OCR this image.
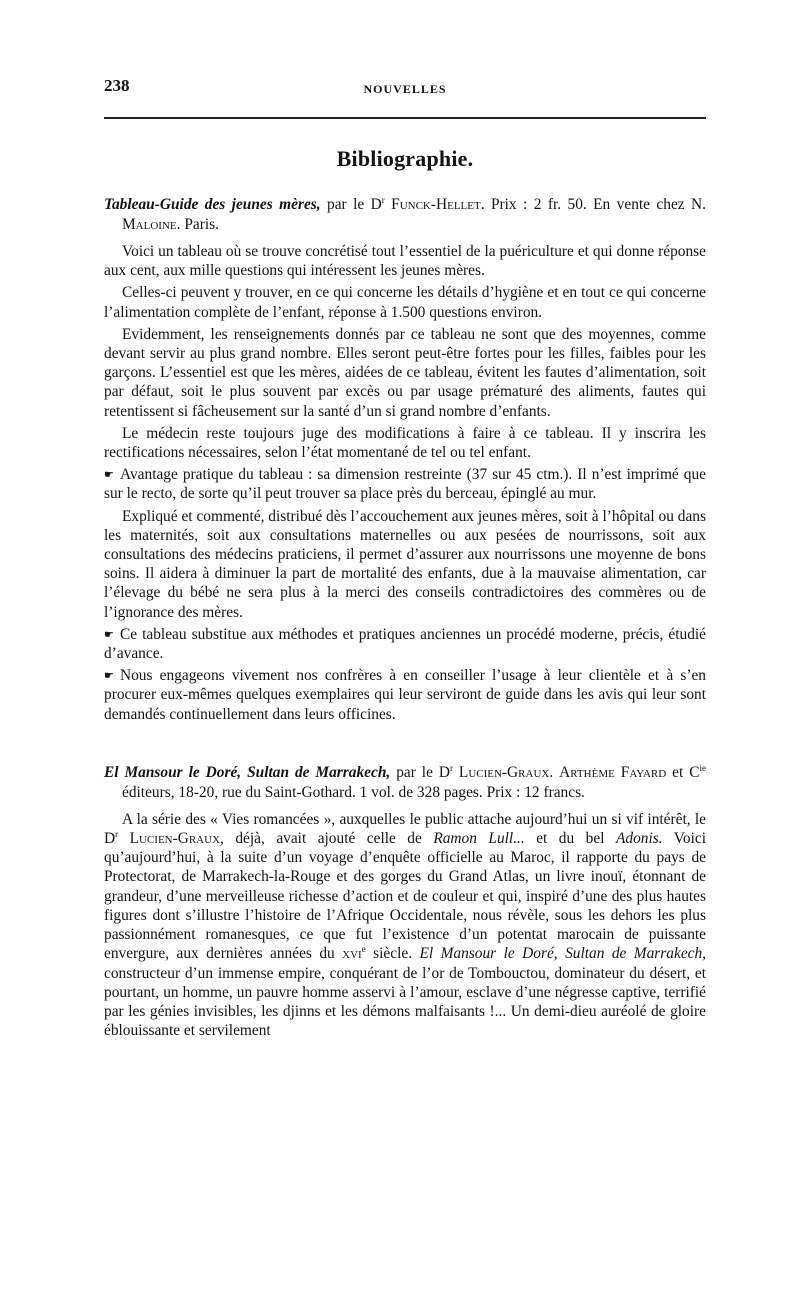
238	NOUVELLES
Bibliographie.
Tableau-Guide des jeunes mères, par le $D^r$ Funck-Hellet. Prix : 2 fr. 50. En vente chez N. Maloine. Paris.

Voici un tableau où se trouve concrétisé tout l’essentiel de la puériculture et qui donne réponse aux cent, aux mille questions qui intéressent les jeunes mères.

Celles-ci peuvent y trouver, en ce qui concerne les détails d’hygiène et en tout ce qui concerne l’alimentation complète de l’enfant, réponse à 1.500 questions environ.

Evidemment, les renseignements donnés par ce tableau ne sont que des moyennes, comme devant servir au plus grand nombre. Elles seront peut-être fortes pour les filles, faibles pour les garçons. L’essentiel est que les mères, aidées de ce tableau, évitent les fautes d’alimentation, soit par défaut, soit le plus souvent par excès ou par usage prématuré des aliments, fautes qui retentissent si fâcheusement sur la santé d’un si grand nombre d’enfants.

Le médecin reste toujours juge des modifications à faire à ce tableau. Il y inscrira les rectifications nécessaires, selon l’état momentané de tel ou tel enfant.

☛ Avantage pratique du tableau : sa dimension restreinte (37 sur 45 ctm.). Il n’est imprimé que sur le recto, de sorte qu’il peut trouver sa place près du berceau, épinglé au mur.

Expliqué et commenté, distribué dès l’accouchement aux jeunes mères, soit à l’hôpital ou dans les maternités, soit aux consultations maternelles ou aux pesées de nourrissons, soit aux consultations des médecins praticiens, il permet d’assurer aux nourrissons une moyenne de bons soins. Il aidera à diminuer la part de mortalité des enfants, due à la mauvaise alimentation, car l’élevage du bébé ne sera plus à la merci des conseils contradictoires des commères ou de l’ignorance des mères.

☛ Ce tableau substitue aux méthodes et pratiques anciennes un procédé moderne, précis, étudié d’avance.

☛ Nous engageons vivement nos confrères à en conseiller l’usage à leur clientèle et à s’en procurer eux-mêmes quelques exemplaires qui leur serviront de guide dans les avis qui leur sont demandés continuellement dans leurs officines.

El Mansour le Doré, Sultan de Marrakech, par le $D^r$ Lucien-Graux. Arthème Fayard et $C^{ie}$ éditeurs, 18-20, rue du Saint-Gothard. 1 vol. de 328 pages. Prix : 12 francs.

A la série des « Vies romancées », auxquelles le public attache aujourd’hui un si vif intérêt, le $D^r$ Lucien-Graux, déjà, avait ajouté celle de Ramon Lull... et du bel Adonis. Voici qu’aujourd’hui, à la suite d’un voyage d’enquête officielle au Maroc, il rapporte du pays de Protectorat, de Marrakech-la-Rouge et des gorges du Grand Atlas, un livre inouï, étonnant de grandeur, d’une merveilleuse richesse d’action et de couleur et qui, inspiré d’une des plus hautes figures dont s’illustre l’histoire de l’Afrique Occidentale, nous révèle, sous les dehors les plus passionnément romanesques, ce que fut l’existence d’un potentat marocain de puissante envergure, aux dernières années du xvi$^e$ siècle. El Mansour le Doré, Sultan de Marrakech, constructeur d’un immense empire, conquérant de l’or de Tombouctou, dominateur du désert, et pourtant, un homme, un pauvre homme asservi à l’amour, esclave d’une négresse captive, terrifié par les génies invisibles, les djinns et les démons malfaisants !... Un demi-dieu auréolé de gloire éblouissante et servilement
